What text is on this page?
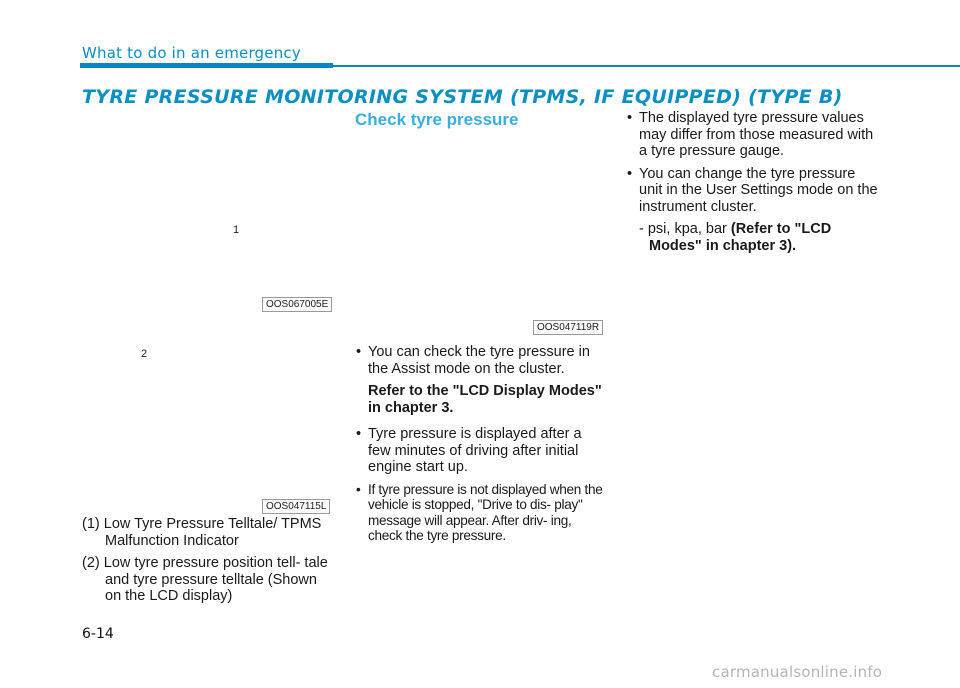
What to do in an emergency
TYRE PRESSURE MONITORING SYSTEM (TPMS, IF EQUIPPED) (TYPE B)
1
OOS067005E
2
OOS047115L

(1) Low Tyre Pressure Telltale/ TPMS Malfunction Indicator

(2) Low tyre pressure position tell- tale and tyre pressure telltale (Shown on the LCD display)

Check tyre pressure
OOS047119R

• You can check the tyre pressure in the Assist mode on the cluster.

Refer to the "LCD Display Modes" in chapter 3.

• Tyre pressure is displayed after a few minutes of driving after initial engine start up.

• If tyre pressure is not displayed when the vehicle is stopped, "Drive to dis- play" message will appear. After driv- ing, check the tyre pressure.

• The displayed tyre pressure values may differ from those measured with a tyre pressure gauge.

• You can change the tyre pressure unit in the User Settings mode on the instrument cluster.

- psi, kpa, bar (Refer to "LCD Modes" in chapter 3).

6-14
carmanualsonline.info
